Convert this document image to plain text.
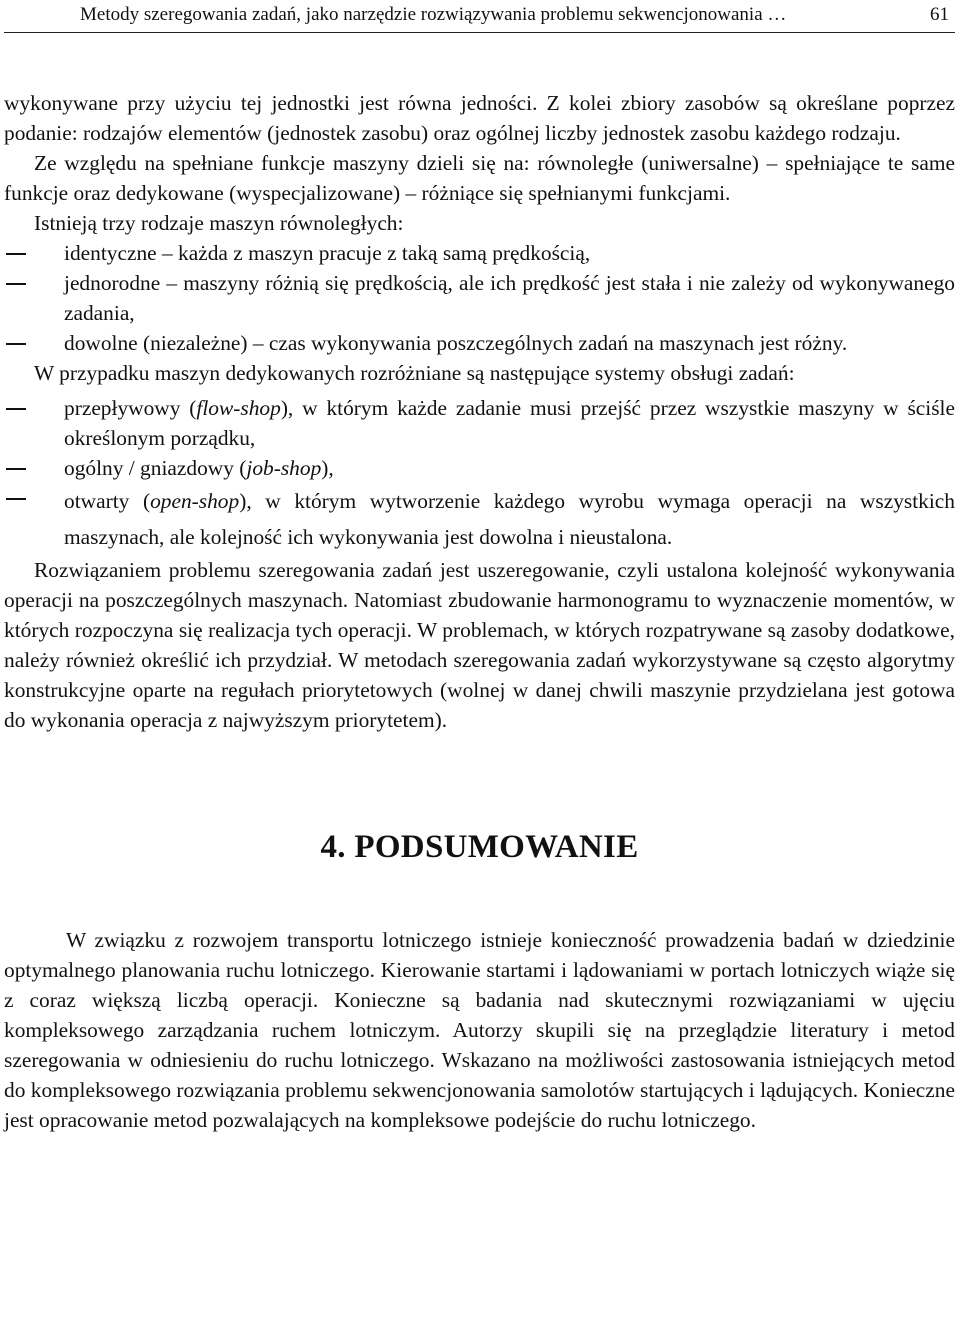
Metody szeregowania zadań, jako narzędzie rozwiązywania problemu sekwencjonowania …	61

wykonywane przy użyciu tej jednostki jest równa jedności. Z kolei zbiory zasobów są określane poprzez podanie: rodzajów elementów (jednostek zasobu) oraz ogólnej liczby jednostek zasobu każdego rodzaju.

Ze względu na spełniane funkcje maszyny dzieli się na: równoległe (uniwersalne) – spełniające te same funkcje oraz dedykowane (wyspecjalizowane) – różniące się spełnianymi funkcjami.

Istnieją trzy rodzaje maszyn równoległych:

identyczne – każda z maszyn pracuje z taką samą prędkością,
jednorodne – maszyny różnią się prędkością, ale ich prędkość jest stała i nie zależy od wykonywanego zadania,
dowolne (niezależne) – czas wykonywania poszczególnych zadań na maszynach jest różny.

W przypadku maszyn dedykowanych rozróżniane są następujące systemy obsługi zadań:

przepływowy (flow-shop), w którym każde zadanie musi przejść przez wszystkie maszyny w ściśle określonym porządku,
ogólny / gniazdowy (job-shop),
otwarty (open-shop), w którym wytworzenie każdego wyrobu wymaga operacji na wszystkich maszynach, ale kolejność ich wykonywania jest dowolna i nieustalona.

Rozwiązaniem problemu szeregowania zadań jest uszeregowanie, czyli ustalona kolejność wykonywania operacji na poszczególnych maszynach. Natomiast zbudowanie harmonogramu to wyznaczenie momentów, w których rozpoczyna się realizacja tych operacji. W problemach, w których rozpatrywane są zasoby dodatkowe, należy również określić ich przydział. W metodach szeregowania zadań wykorzystywane są często algorytmy konstrukcyjne oparte na regułach priorytetowych (wolnej w danej chwili maszynie przydzielana jest gotowa do wykonania operacja z najwyższym priorytetem).

4. PODSUMOWANIE

W związku z rozwojem transportu lotniczego istnieje konieczność prowadzenia badań w dziedzinie optymalnego planowania ruchu lotniczego. Kierowanie startami i lądowaniami w portach lotniczych wiąże się z coraz większą liczbą operacji. Konieczne są badania nad skutecznymi rozwiązaniami w ujęciu kompleksowego zarządzania ruchem lotniczym. Autorzy skupili się na przeglądzie literatury i metod szeregowania w odniesieniu do ruchu lotniczego. Wskazano na możliwości zastosowania istniejących metod do kompleksowego rozwiązania problemu sekwencjonowania samolotów startujących i lądujących. Konieczne jest opracowanie metod pozwalających na kompleksowe podejście do ruchu lotniczego.
